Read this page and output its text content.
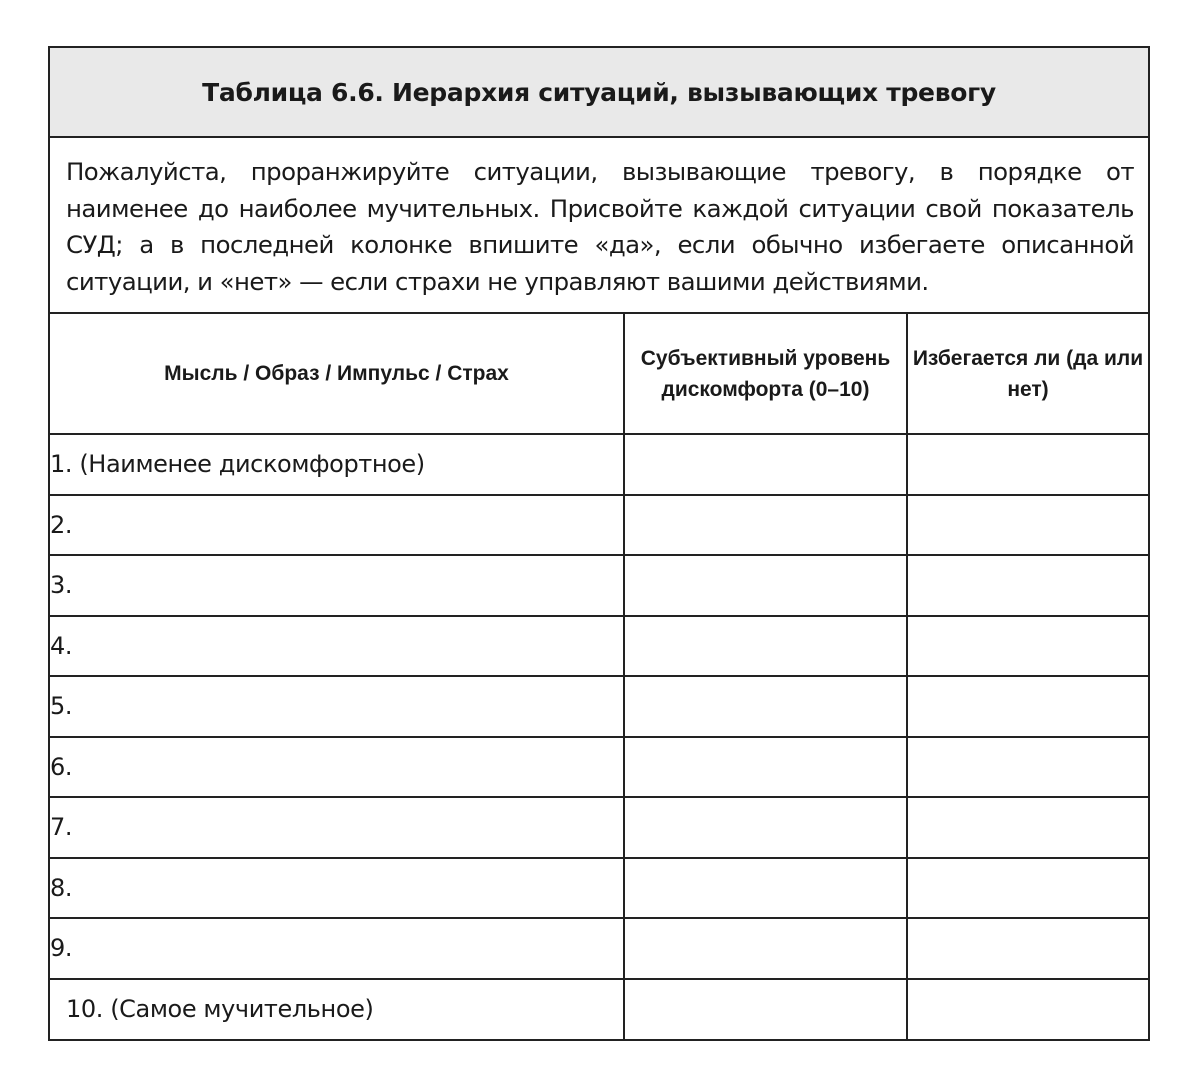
Таблица 6.6. Иерархия ситуаций, вызывающих тревогу
Пожалуйста, проранжируйте ситуации, вызывающие тревогу, в порядке от наименее до наиболее мучительных. Присвойте каждой ситуации свой показатель СУД; а в последней колонке впишите «да», если обычно избегаете описанной ситуации, и «нет» — если страхи не управляют вашими действиями.
Мысль / Образ / Импульс / Страх	Субъективный уровень дискомфорта (0–10)	Избегается ли (да или нет)
1. (Наименее дискомфортное)		
2.		
3.		
4.		
5.		
6.		
7.		
8.		
9.		
10. (Самое мучительное)		
